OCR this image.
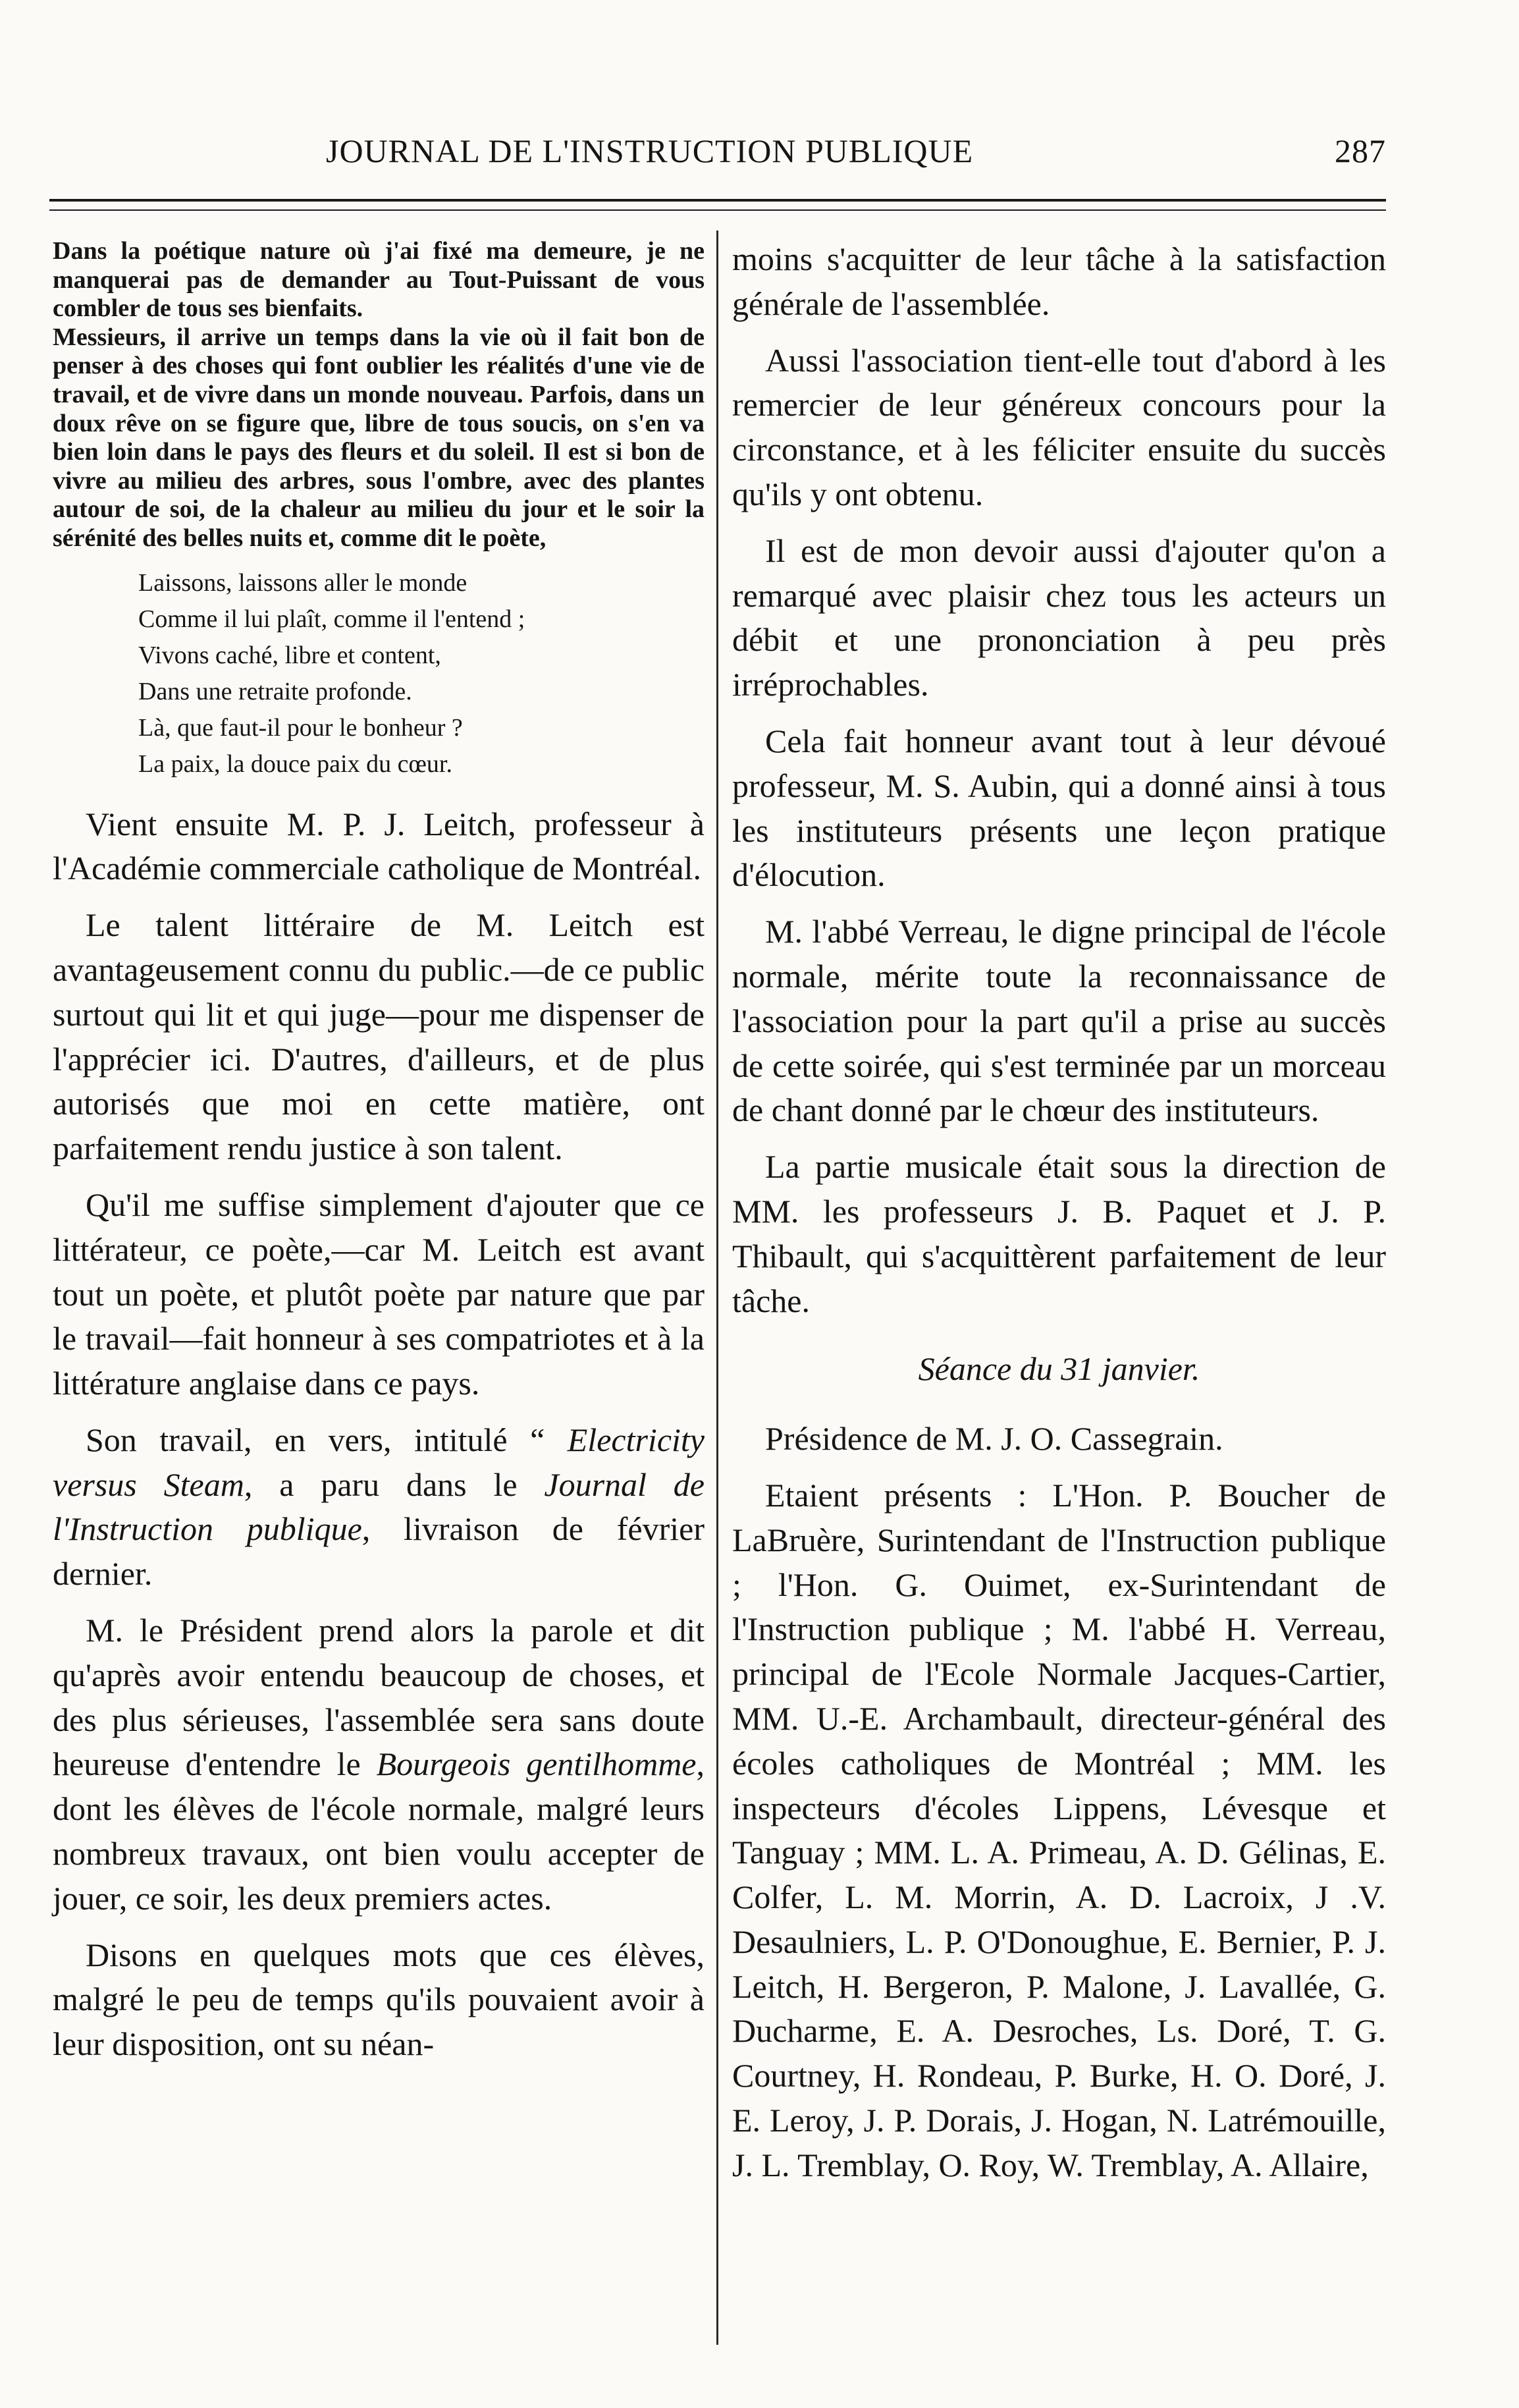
JOURNAL DE L'INSTRUCTION PUBLIQUE	287

Dans la poétique nature où j'ai fixé ma demeure, je ne manquerai pas de demander au Tout-Puissant de vous combler de tous ses bienfaits.

Messieurs, il arrive un temps dans la vie où il fait bon de penser à des choses qui font oublier les réalités d'une vie de travail, et de vivre dans un monde nouveau. Parfois, dans un doux rêve on se figure que, libre de tous soucis, on s'en va bien loin dans le pays des fleurs et du soleil. Il est si bon de vivre au milieu des arbres, sous l'ombre, avec des plantes autour de soi, de la chaleur au milieu du jour et le soir la sérénité des belles nuits et, comme dit le poète,

Laissons, laissons aller le monde
Comme il lui plaît, comme il l'entend ;
Vivons caché, libre et content,
Dans une retraite profonde.
Là, que faut-il pour le bonheur ?
La paix, la douce paix du cœur.

Vient ensuite M. P. J. Leitch, professeur à l'Académie commerciale catholique de Montréal.

Le talent littéraire de M. Leitch est avantageusement connu du public.—de ce public surtout qui lit et qui juge—pour me dispenser de l'apprécier ici. D'autres, d'ailleurs, et de plus autorisés que moi en cette matière, ont parfaitement rendu justice à son talent.

Qu'il me suffise simplement d'ajouter que ce littérateur, ce poète,—car M. Leitch est avant tout un poète, et plutôt poète par nature que par le travail—fait honneur à ses compatriotes et à la littérature anglaise dans ce pays.

Son travail, en vers, intitulé “ Electricity versus Steam, a paru dans le Journal de l'Instruction publique, livraison de février dernier.

M. le Président prend alors la parole et dit qu'après avoir entendu beaucoup de choses, et des plus sérieuses, l'assemblée sera sans doute heureuse d'entendre le Bourgeois gentilhomme, dont les élèves de l'école normale, malgré leurs nombreux travaux, ont bien voulu accepter de jouer, ce soir, les deux premiers actes.

Disons en quelques mots que ces élèves, malgré le peu de temps qu'ils pouvaient avoir à leur disposition, ont su néan-

moins s'acquitter de leur tâche à la satisfaction générale de l'assemblée.

Aussi l'association tient-elle tout d'abord à les remercier de leur généreux concours pour la circonstance, et à les féliciter ensuite du succès qu'ils y ont obtenu.

Il est de mon devoir aussi d'ajouter qu'on a remarqué avec plaisir chez tous les acteurs un débit et une prononciation à peu près irréprochables.

Cela fait honneur avant tout à leur dévoué professeur, M. S. Aubin, qui a donné ainsi à tous les instituteurs présents une leçon pratique d'élocution.

M. l'abbé Verreau, le digne principal de l'école normale, mérite toute la reconnaissance de l'association pour la part qu'il a prise au succès de cette soirée, qui s'est terminée par un morceau de chant donné par le chœur des instituteurs.

La partie musicale était sous la direction de MM. les professeurs J. B. Paquet et J. P. Thibault, qui s'acquittèrent parfaitement de leur tâche.

Séance du 31 janvier.

Présidence de M. J. O. Cassegrain.

Etaient présents : L'Hon. P. Boucher de LaBruère, Surintendant de l'Instruction publique ; l'Hon. G. Ouimet, ex-Surintendant de l'Instruction publique ; M. l'abbé H. Verreau, principal de l'Ecole Normale Jacques-Cartier, MM. U.-E. Archambault, directeur-général des écoles catholiques de Montréal ; MM. les inspecteurs d'écoles Lippens, Lévesque et Tanguay ; MM. L. A. Primeau, A. D. Gélinas, E. Colfer, L. M. Morrin, A. D. Lacroix, J .V. Desaulniers, L. P. O'Donoughue, E. Bernier, P. J. Leitch, H. Bergeron, P. Malone, J. Lavallée, G. Ducharme, E. A. Desroches, Ls. Doré, T. G. Courtney, H. Rondeau, P. Burke, H. O. Doré, J. E. Leroy, J. P. Dorais, J. Hogan, N. Latrémouille, J. L. Tremblay, O. Roy, W. Tremblay, A. Allaire,
